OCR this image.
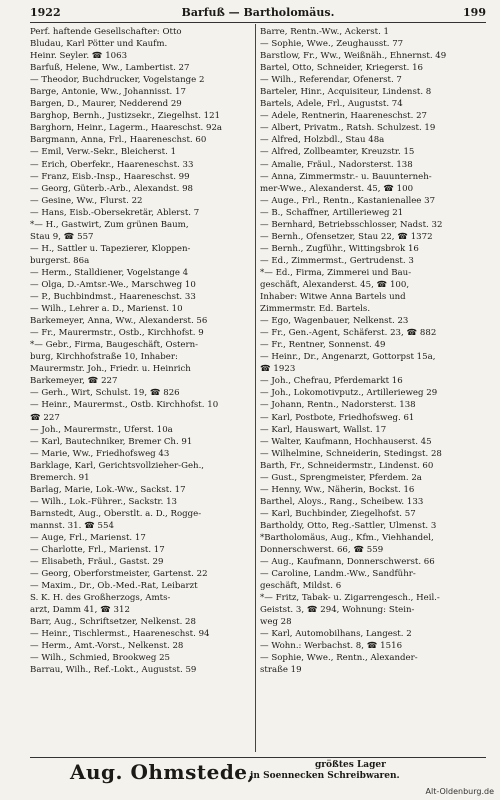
1922	Barfuß — Bartholomäus.	199
Perf. haftende Gesellschafter: Otto
Bludau, Karl Pötter und Kaufm.
Heinr. Seyler. ☎ 1063
Barfuß, Helene, Ww., Lambertist. 27
— Theodor, Buchdrucker, Vogelstange 2
Barge, Antonie, Ww., Johannisst. 17
Bargen, D., Maurer, Nedderend 29
Barghop, Bernh., Justizsekr., Ziegelhst. 121
Barghorn, Heinr., Lagerm., Haareschst. 92a
Bargmann, Anna, Frl., Haareneschst. 60
— Emil, Verw.-Sekr., Bleicherst. 1
— Erich, Oberfekr., Haareneschst. 33
— Franz, Eisb.-Insp., Haareschst. 99
— Georg, Güterb.-Arb., Alexandst. 98
— Gesine, Ww., Flurst. 22
— Hans, Eisb.-Obersekretär, Ablerst. 7
*— H., Gastwirt, Zum grünen Baum,
Stau 9, ☎ 557
— H., Sattler u. Tapezierer, Kloppen-
burgerst. 86a
— Herm., Stalldiener, Vogelstange 4
— Olga, D.-Amtsr.-We., Marschweg 10
— P., Buchbindmst., Haareneschst. 33
— Wilh., Lehrer a. D., Marienst. 10
Barkemeyer, Anna, Ww., Alexanderst. 56
— Fr., Maurermstr., Ostb., Kirchhofst. 9
*— Gebr., Firma, Baugeschäft, Ostern-
burg, Kirchhofstraße 10, Inhaber:
Maurermstr. Joh., Friedr. u. Heinrich
Barkemeyer, ☎ 227
— Gerh., Wirt, Schulst. 19, ☎ 826
— Heinr., Maurermst., Ostb. Kirchhofst. 10
☎ 227
— Joh., Maurermstr., Uferst. 10a
— Karl, Bautechniker, Bremer Ch. 91
— Marie, Ww., Friedhofsweg 43
Barklage, Karl, Gerichtsvollzieher-Geh.,
Bremerch. 91
Barlag, Marie, Lok.-Ww., Sackst. 17
— Wilh., Lok.-Führer., Sackstr. 13
Barnstedt, Aug., Oberstlt. a. D., Rogge-
mannst. 31. ☎ 554
— Auge, Frl., Marienst. 17
— Charlotte, Frl., Marienst. 17
— Elisabeth, Fräul., Gastst. 29
— Georg, Oberforstmeister, Gartenst. 22
— Maxim., Dr., Ob.-Med.-Rat, Leibarzt
S. K. H. des Großherzogs, Amts-
arzt, Damm 41, ☎ 312
Barr, Aug., Schriftsetzer, Nelkenst. 28
— Heinr., Tischlermst., Haareneschst. 94
— Herm., Amt.-Vorst., Nelkenst. 28
— Wilh., Schmied, Brookweg 25
Barrau, Wilh., Ref.-Lokt., Augustst. 59
Barre, Rentn.-Ww., Ackerst. 1
— Sophie, Wwe., Zeughausst. 77
Barstlow, Fr., Ww., Weißnäh., Ehnernst. 49
Bartel, Otto, Schneider, Kriegerst. 16
— Wilh., Referendar, Ofenerst. 7
Barteler, Hinr., Acquisiteur, Lindenst. 8
Bartels, Adele, Frl., Augustst. 74
— Adele, Rentnerin, Haareneschst. 27
— Albert, Privatm., Ratsh. Schulzest. 19
— Alfred, Holzbdl., Stau 48a
— Alfred, Zollbeamter, Kreuzstr. 15
— Amalie, Fräul., Nadorsterst. 138
— Anna, Zimmermstr.- u. Bauunterneh-
mer-Wwe., Alexanderst. 45, ☎ 100
— Auge., Frl., Rentn., Kastanienallee 37
— B., Schaffner, Artillerieweg 21
— Bernhard, Betriebsschlosser, Nadst. 32
— Bernh., Ofensetzer, Stau 22, ☎ 1372
— Bernh., Zugführ., Wittingsbrok 16
— Ed., Zimmermst., Gertrudenst. 3
*— Ed., Firma, Zimmerei und Bau-
geschäft, Alexanderst. 45, ☎ 100,
Inhaber: Witwe Anna Bartels und
Zimmermstr. Ed. Bartels.
— Ego, Wagenbauer, Nelkenst. 23
— Fr., Gen.-Agent, Schäferst. 23, ☎ 882
— Fr., Rentner, Sonnenst. 49
— Heinr., Dr., Angenarzt, Gottorpst 15a,
☎ 1923
— Joh., Chefrau, Pferdemarkt 16
— Joh., Lokomotivputz., Artillerieweg 29
— Johann, Rentn., Nadorsterst. 138
— Karl, Postbote, Friedhofsweg. 61
— Karl, Hauswart, Wallst. 17
— Walter, Kaufmann, Hochhauserst. 45
— Wilhelmine, Schneiderin, Stedingst. 28
Barth, Fr., Schneidermstr., Lindenst. 60
— Gust., Sprengmeister, Pferdem. 2a
— Henny, Ww., Näherin, Bockst. 16
Barthel, Aloys., Rang., Scheibew. 133
— Karl, Buchbinder, Ziegelhofst. 57
Bartholdy, Otto, Reg.-Sattler, Ulmenst. 3
*Bartholomäus, Aug., Kfm., Viehhandel,
Donnerschwerst. 66, ☎ 559
— Aug., Kaufmann, Donnerschwerst. 66
— Caroline, Landm.-Ww., Sandführ-
geschäft, Mildst. 6
*— Fritz, Tabak- u. Zigarrengesch., Heil.-
Geistst. 3, ☎ 294, Wohnung: Stein-
weg 28
— Karl, Automobilhans, Langest. 2
— Wohn.: Werbachst. 8, ☎ 1516
— Sophie, Wwe., Rentn., Alexander-
straße 19
Aug. Ohmstede,	größtes Lager
in Soennecken Schreibwaren.
Alt-Oldenburg.de
